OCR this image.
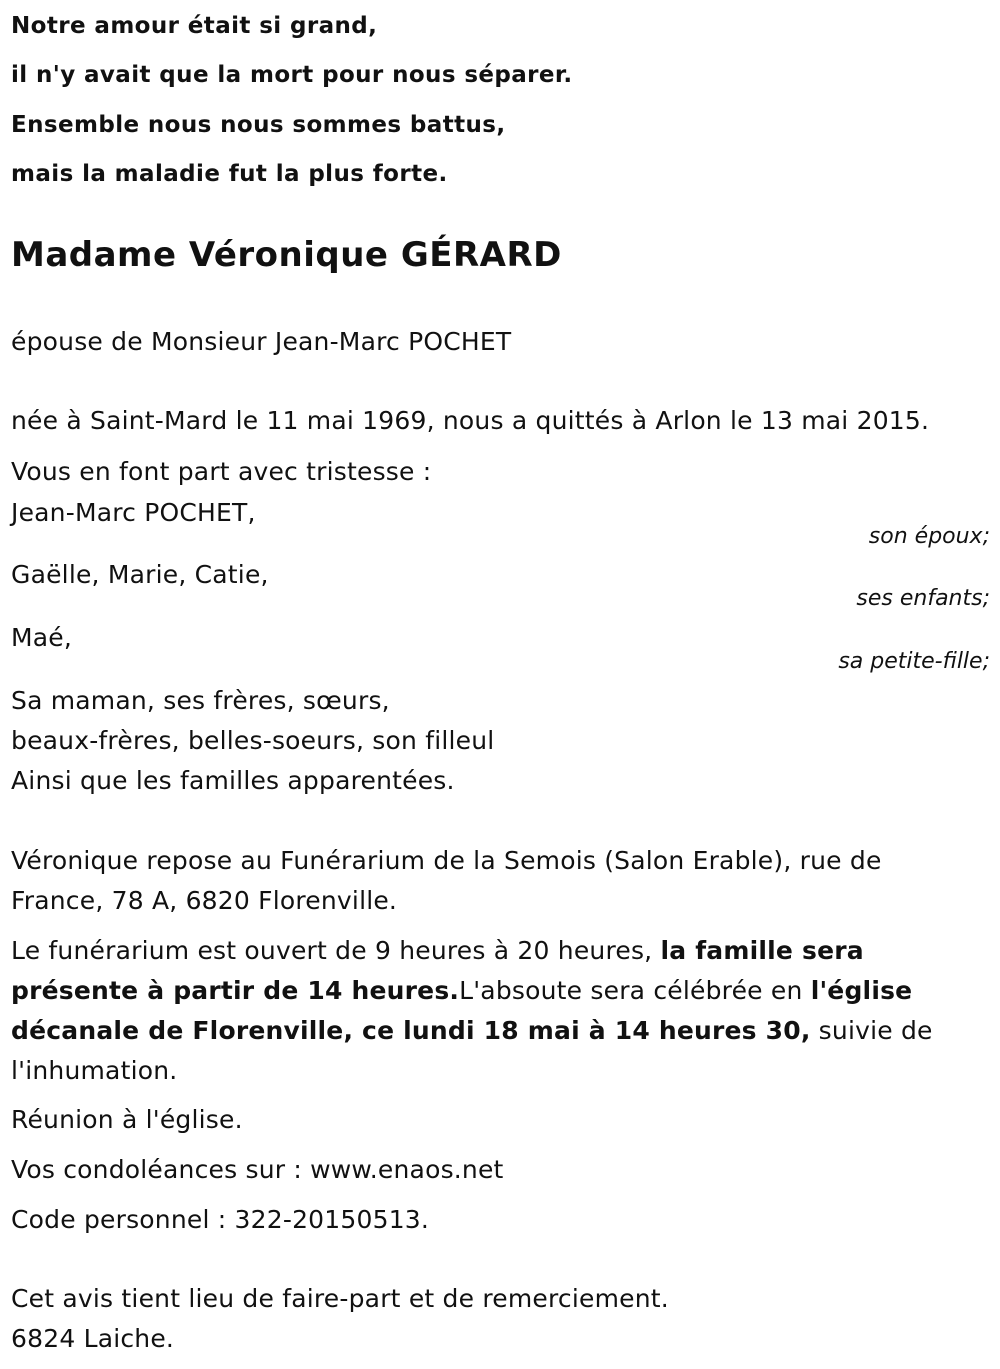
Notre amour était si grand,
il n'y avait que la mort pour nous séparer.
Ensemble nous nous sommes battus,
mais la maladie fut la plus forte.
Madame Véronique GÉRARD
épouse de Monsieur Jean-Marc POCHET
née à Saint-Mard le 11 mai 1969, nous a quittés à Arlon le 13 mai 2015.
Vous en font part avec tristesse :
Jean-Marc POCHET,
son époux;
Gaëlle, Marie, Catie,
ses enfants;
Maé,
sa petite-fille;
Sa maman, ses frères, sœurs,
beaux-frères, belles-soeurs, son filleul
Ainsi que les familles apparentées.
Véronique repose au Funérarium de la Semois (Salon Erable), rue de
France, 78 A, 6820 Florenville.
Le funérarium est ouvert de 9 heures à 20 heures, la famille sera
présente à partir de 14 heures.L'absoute sera célébrée en l'église
décanale de Florenville, ce lundi 18 mai à 14 heures 30, suivie de
l'inhumation.
Réunion à l'église.
Vos condoléances sur : www.enaos.net
Code personnel : 322-20150513.
Cet avis tient lieu de faire-part et de remerciement.
6824 Laiche.
